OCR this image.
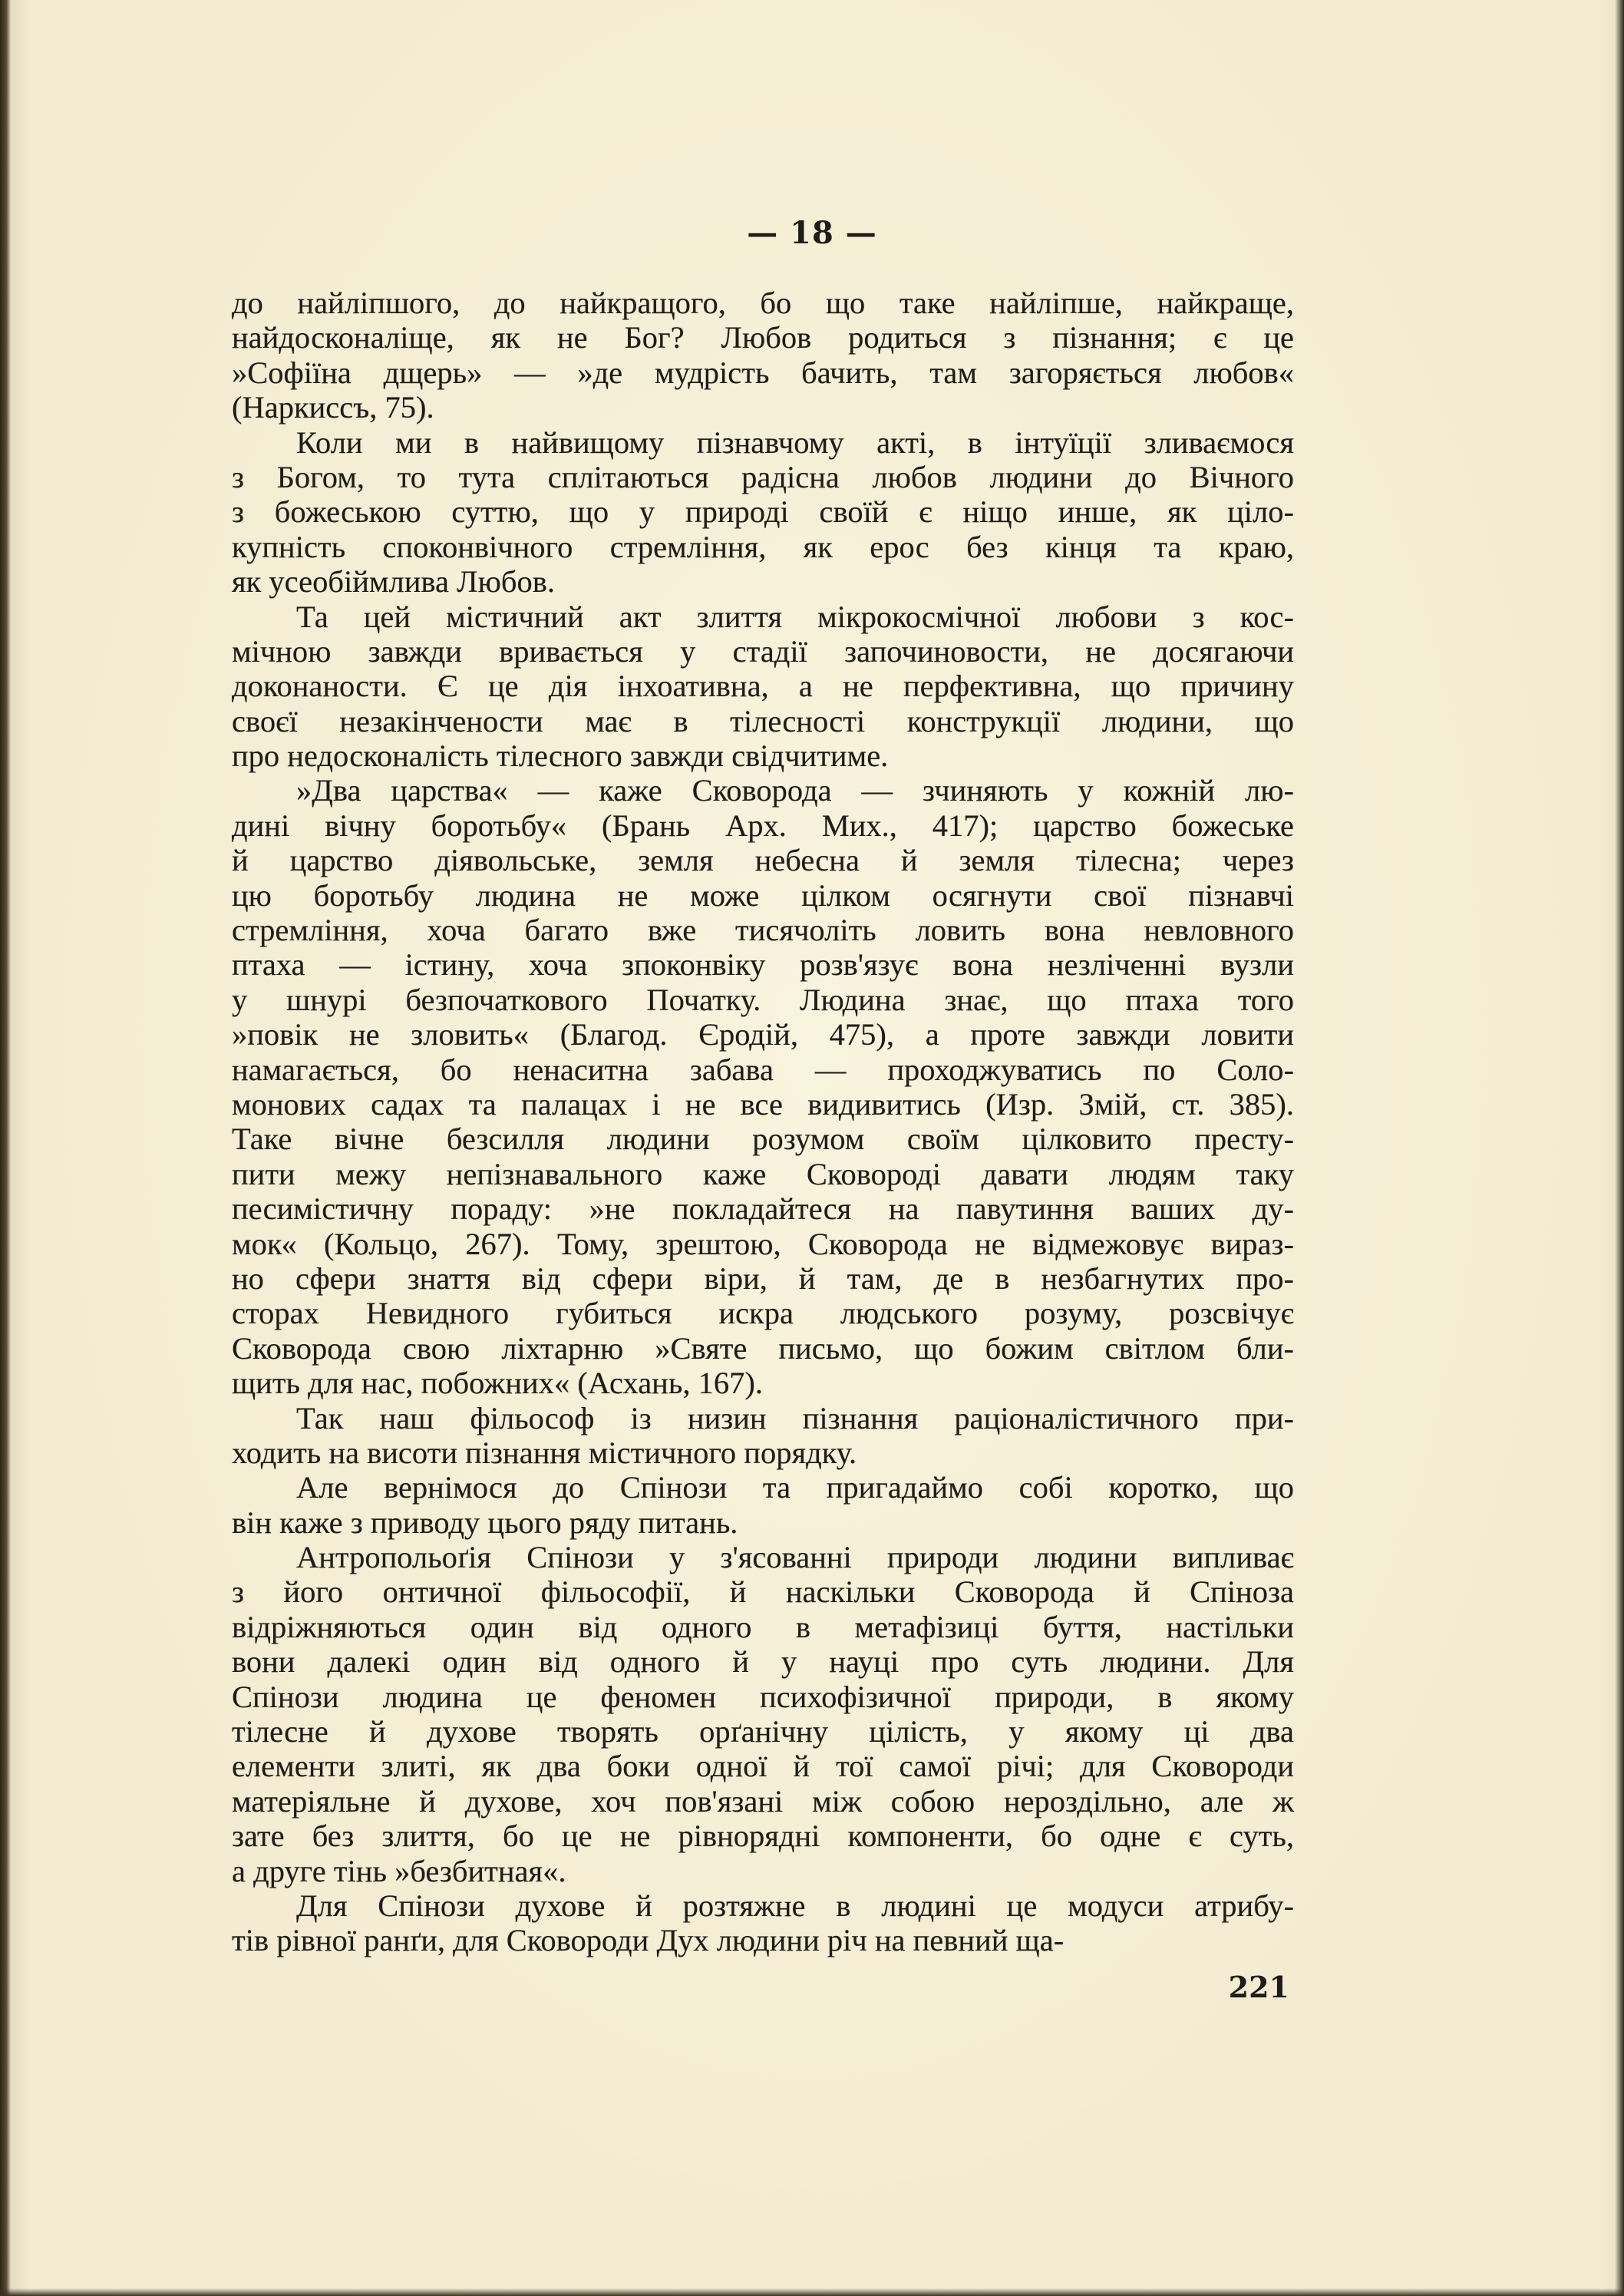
— 18 —
до найліпшого, до найкращого, бо що таке найліпше, найкраще,
найдосконаліще, як не Бог? Любов родиться з пізнання; є це
»Софіїна дщерь» — »де мудрість бачить, там загоряється любов«
(Наркиссъ, 75).
Коли ми в найвищому пізнавчому акті, в інтуїції зливаємося
з Богом, то тута сплітаються радісна любов людини до Вічного
з божеською суттю, що у природі своїй є ніщо инше, як ціло-
купність споконвічного стремління, як ерос без кінця та краю,
як усеобіймлива Любов.
Та цей містичний акт злиття мікрокосмічної любови з кос-
мічною завжди вривається у стадії започиновости, не досягаючи
доконаности. Є це дія інхоативна, а не перфективна, що причину
своєї незакінчености має в тілесності конструкції людини, що
про недосконалість тілесного завжди свідчитиме.
»Два царства« — каже Сковорода — зчиняють у кожній лю-
дині вічну боротьбу« (Брань Арх. Мих., 417); царство божеське
й царство діявольське, земля небесна й земля тілесна; через
цю боротьбу людина не може цілком осягнути свої пізнавчі
стремління, хоча багато вже тисячоліть ловить вона невловного
птаха — істину, хоча зпоконвіку розв'язує вона незліченні вузли
у шнурі безпочаткового Початку. Людина знає, що птаха того
»повік не зловить« (Благод. Єродій, 475), а проте завжди ловити
намагається, бо ненаситна забава — проходжуватись по Соло-
монових садах та палацах і не все видивитись (Изр. Змій, ст. 385).
Таке вічне безсилля людини розумом своїм цілковито престу-
пити межу непізнавального каже Сковороді давати людям таку
песимістичну пораду: »не покладайтеся на павутиння ваших ду-
мок« (Кольцо, 267). Тому, зрештою, Сковорода не відмежовує вираз-
но сфери знаття від сфери віри, й там, де в незбагнутих про-
сторах Невидного губиться искра людського розуму, розсвічує
Сковорода свою ліхтарню »Святе письмо, що божим світлом бли-
щить для нас, побожних« (Асхань, 167).
Так наш фільософ із низин пізнання раціоналістичного при-
ходить на висоти пізнання містичного порядку.
Але вернімося до Спінози та пригадаймо собі коротко, що
він каже з приводу цього ряду питань.
Антропольоґія Спінози у з'ясованні природи людини випливає
з його онтичної фільософії, й наскільки Сковорода й Спіноза
відріжняються один від одного в метафізиці буття, настільки
вони далекі один від одного й у науці про суть людини. Для
Спінози людина це феномен психофізичної природи, в якому
тілесне й духове творять орґанічну цілість, у якому ці два
елементи злиті, як два боки одної й тої самої річі; для Сковороди
матеріяльне й духове, хоч пов'язані між собою нероздільно, але ж
зате без злиття, бо це не рівнорядні компоненти, бо одне є суть,
а друге тінь »безбитная«.
Для Спінози духове й розтяжне в людині це модуси атрибу-
тів рівної ранґи, для Сковороди Дух людини річ на певний ща-
221
